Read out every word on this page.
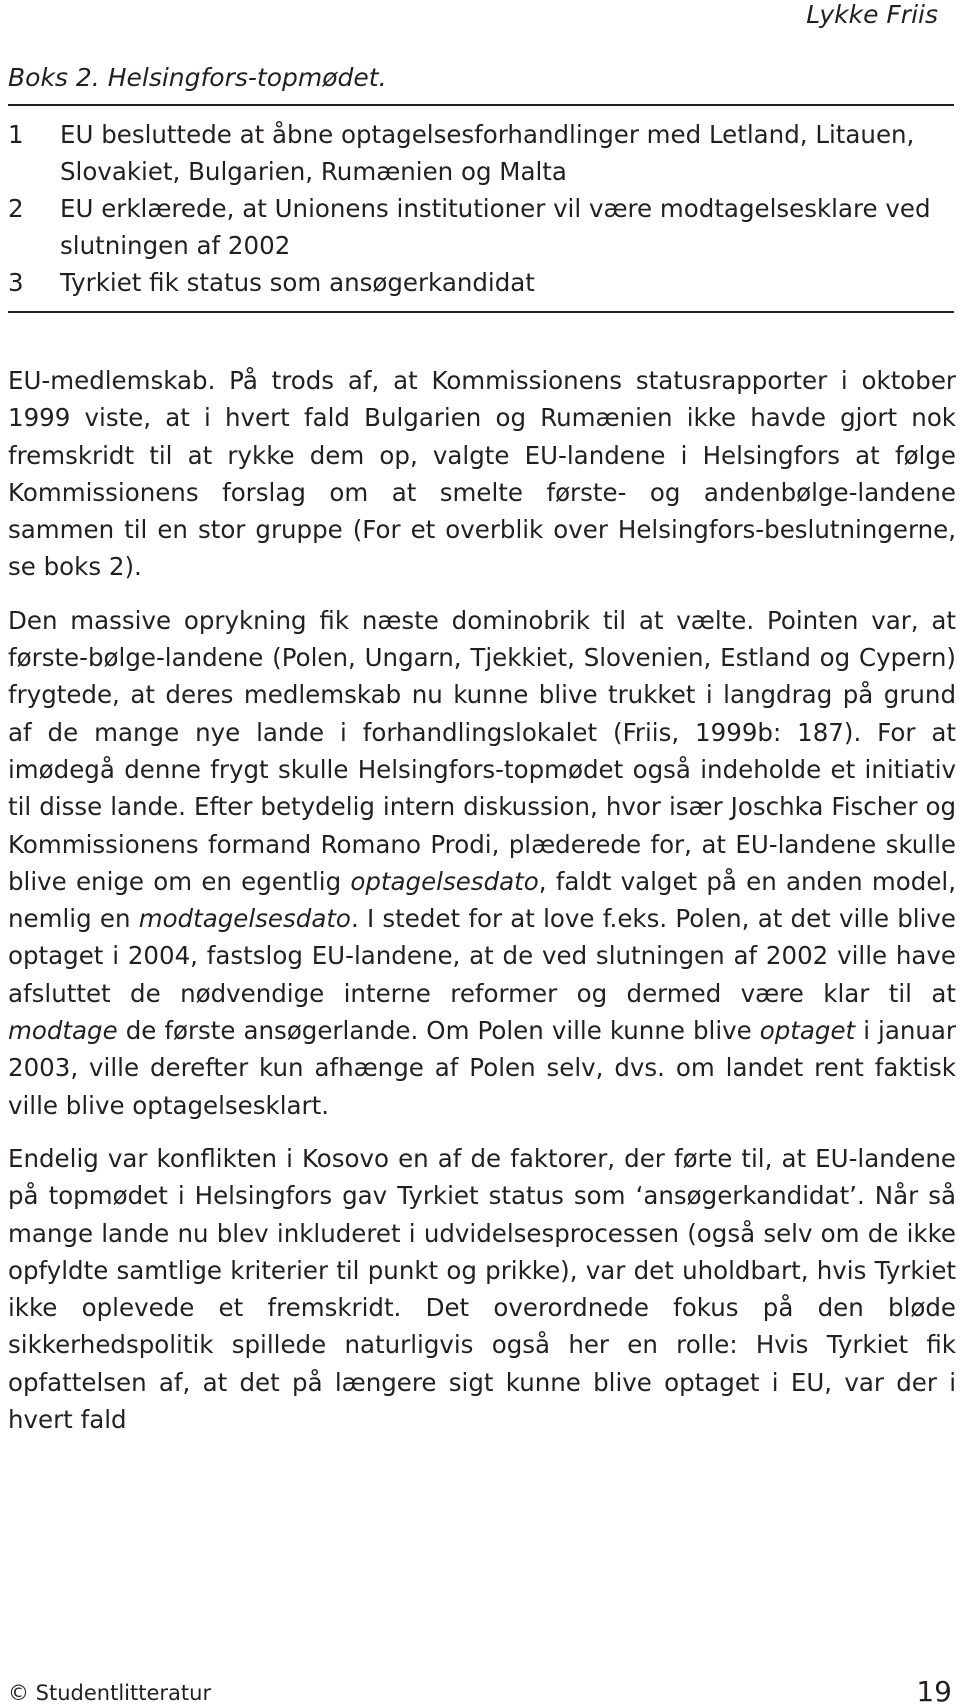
Lykke Friis
Boks 2. Helsingfors-topmødet.
1	EU besluttede at åbne optagelsesforhandlinger med Letland, Litauen, Slovakiet, Bulgarien, Rumænien og Malta
2	EU erklærede, at Unionens institutioner vil være modtagelsesklare ved slutningen af 2002
3	Tyrkiet fik status som ansøgerkandidat

EU-medlemskab. På trods af, at Kommissionens statusrapporter i oktober 1999 viste, at i hvert fald Bulgarien og Rumænien ikke havde gjort nok fremskridt til at rykke dem op, valgte EU-landene i Helsingfors at følge Kommissionens forslag om at smelte første- og andenbølge-landene sammen til en stor gruppe (For et overblik over Helsingfors-beslutningerne, se boks 2).

Den massive oprykning fik næste dominobrik til at vælte. Pointen var, at første-bølge-landene (Polen, Ungarn, Tjekkiet, Slovenien, Estland og Cypern) frygtede, at deres medlemskab nu kunne blive trukket i langdrag på grund af de mange nye lande i forhandlingslokalet (Friis, 1999b: 187). For at imødegå denne frygt skulle Helsingfors-topmødet også indeholde et initiativ til disse lande. Efter betydelig intern diskussion, hvor især Joschka Fischer og Kommissionens formand Romano Prodi, plæderede for, at EU-landene skulle blive enige om en egentlig optagelsesdato, faldt valget på en anden model, nemlig en modtagelsesdato. I stedet for at love f.eks. Polen, at det ville blive optaget i 2004, fastslog EU-landene, at de ved slutningen af 2002 ville have afsluttet de nødvendige interne reformer og dermed være klar til at modtage de første ansøgerlande. Om Polen ville kunne blive optaget i januar 2003, ville derefter kun afhænge af Polen selv, dvs. om landet rent faktisk ville blive optagelsesklart.

Endelig var konflikten i Kosovo en af de faktorer, der førte til, at EU-landene på topmødet i Helsingfors gav Tyrkiet status som ‘ansøgerkandidat’. Når så mange lande nu blev inkluderet i udvidelsesprocessen (også selv om de ikke opfyldte samtlige kriterier til punkt og prikke), var det uholdbart, hvis Tyrkiet ikke oplevede et fremskridt. Det overordnede fokus på den bløde sikkerhedspolitik spillede naturligvis også her en rolle: Hvis Tyrkiet fik opfattelsen af, at det på længere sigt kunne blive optaget i EU, var der i hvert fald

© Studentlitteratur	19
